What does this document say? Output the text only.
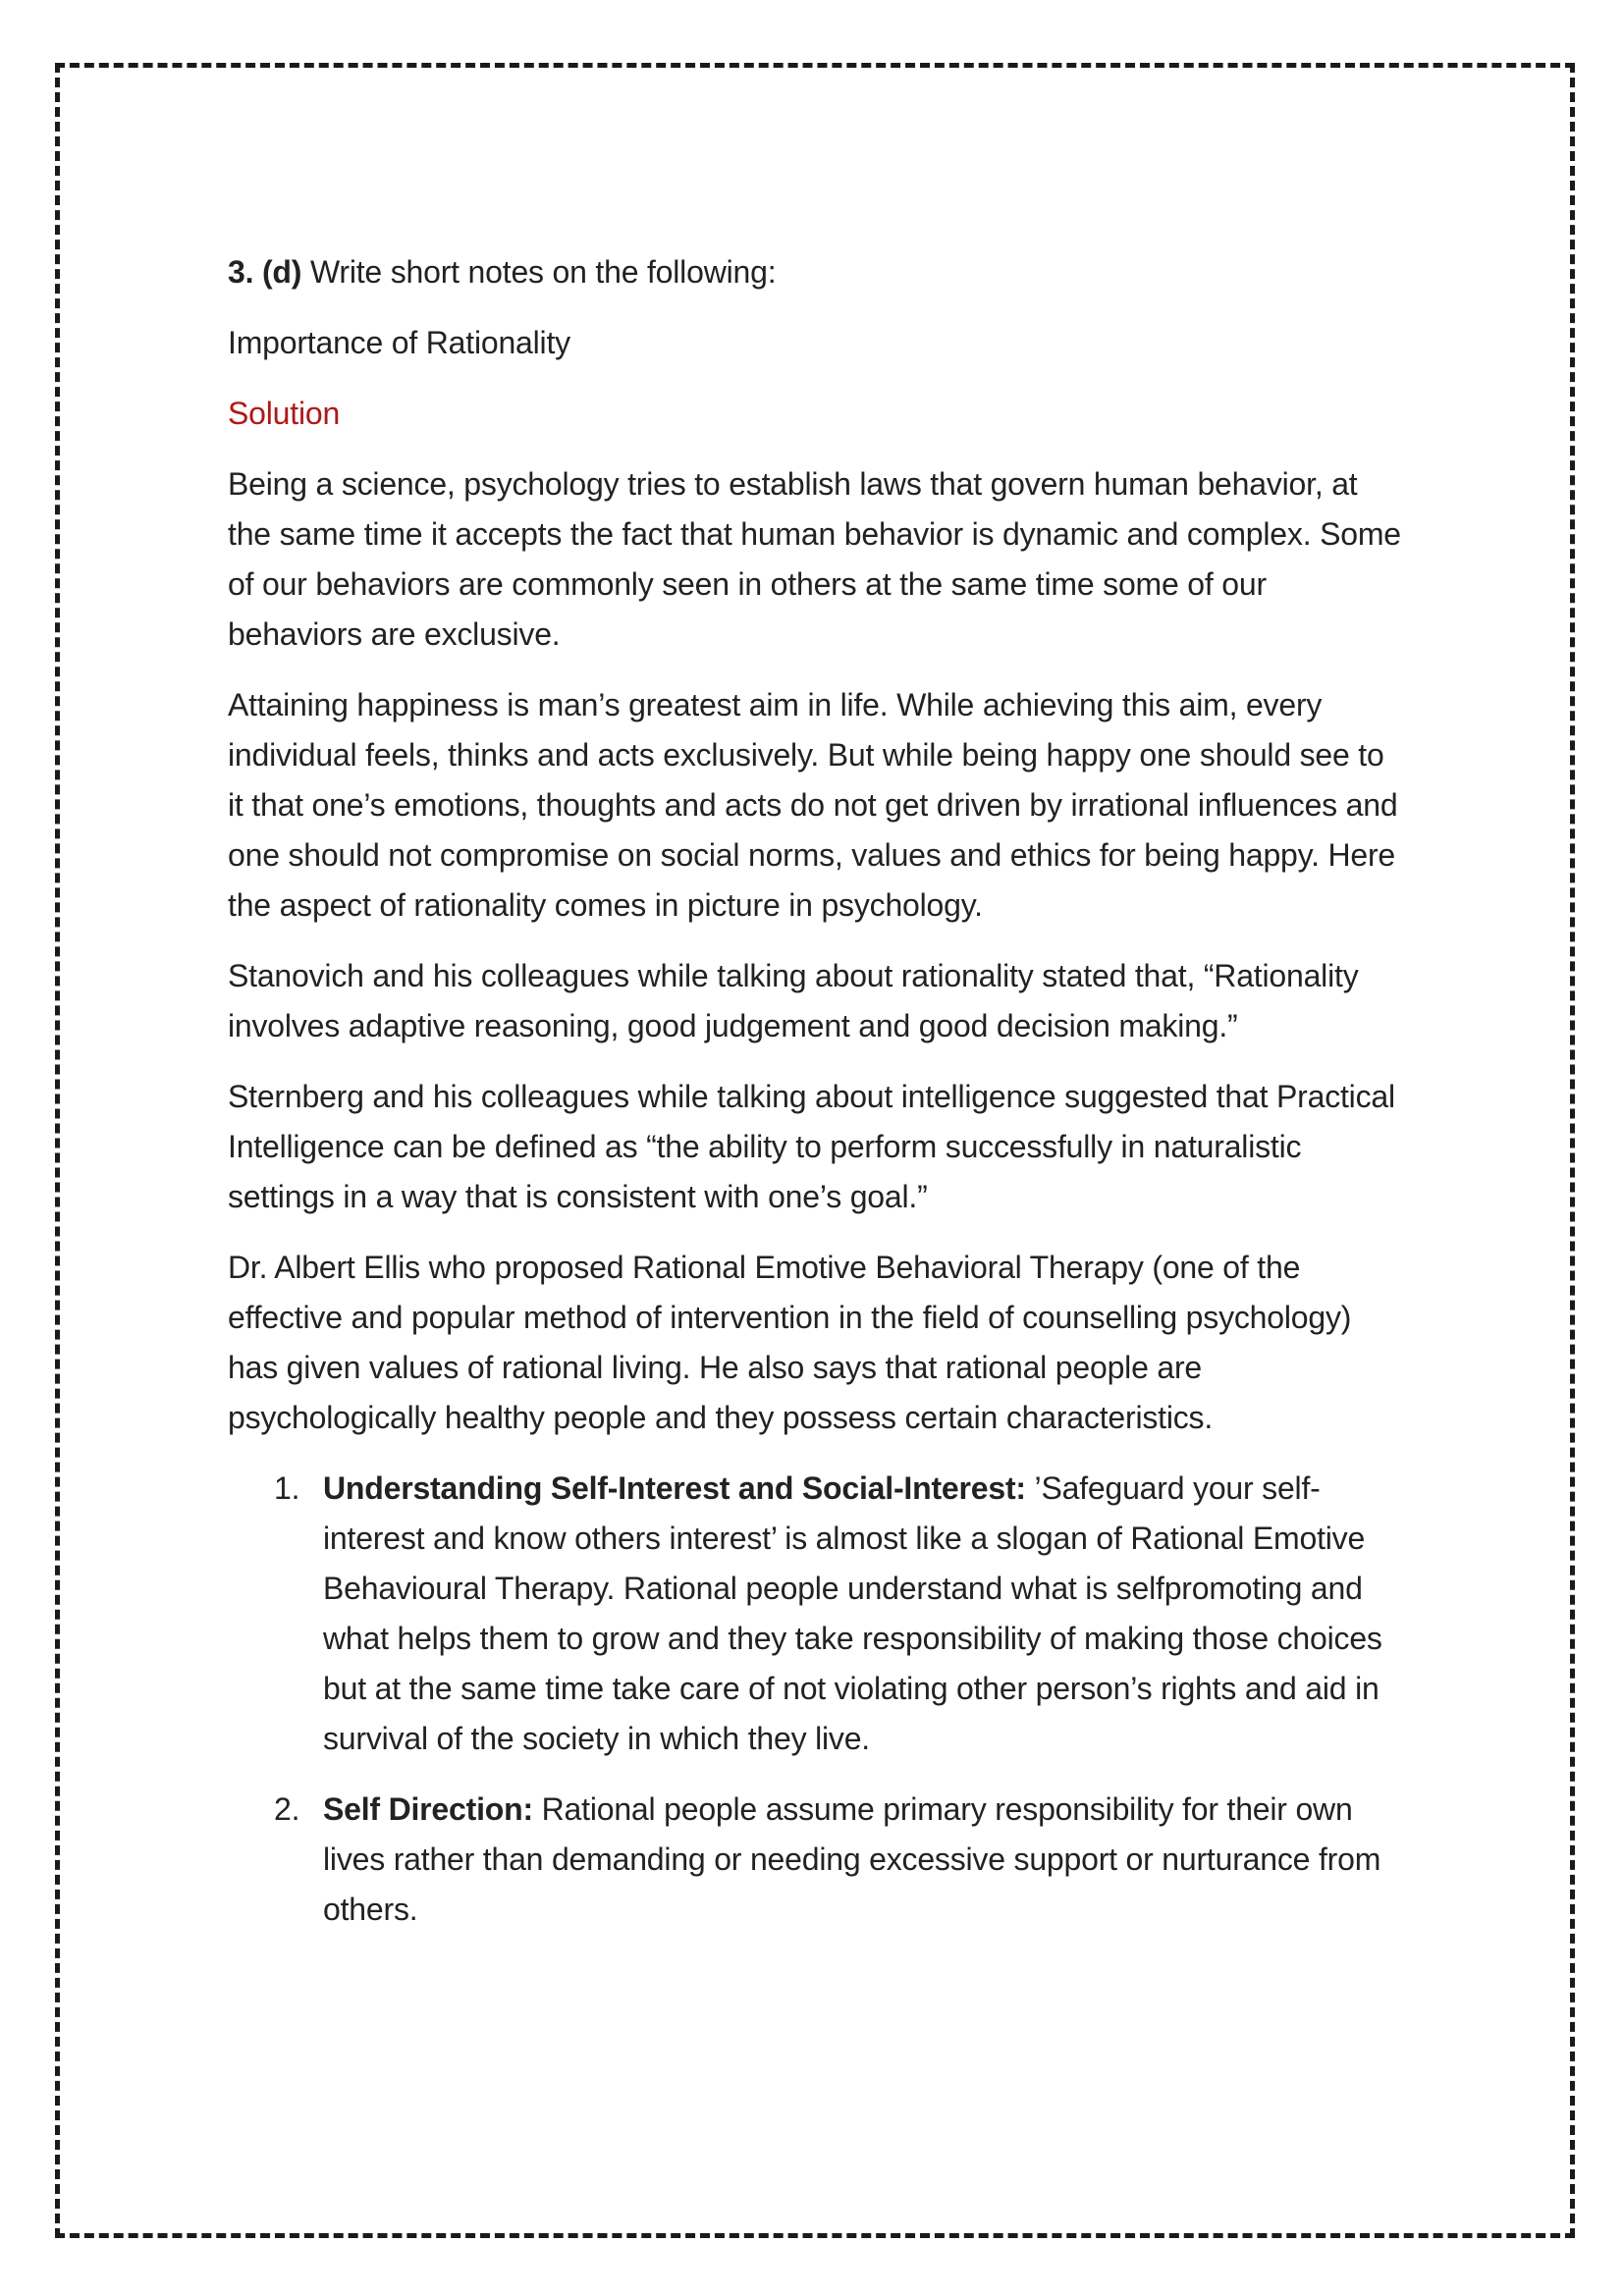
3. (d) Write short notes on the following:

Importance of Rationality

Solution

Being a science, psychology tries to establish laws that govern human behavior, at the same time it accepts the fact that human behavior is dynamic and complex. Some of our behaviors are commonly seen in others at the same time some of our behaviors are exclusive.

Attaining happiness is man’s greatest aim in life. While achieving this aim, every individual feels, thinks and acts exclusively. But while being happy one should see to it that one’s emotions, thoughts and acts do not get driven by irrational influences and one should not compromise on social norms, values and ethics for being happy. Here the aspect of rationality comes in picture in psychology.

Stanovich and his colleagues while talking about rationality stated that, “Rationality involves adaptive reasoning, good judgement and good decision making.”

Sternberg and his colleagues while talking about intelligence suggested that Practical Intelligence can be defined as “the ability to perform successfully in naturalistic settings in a way that is consistent with one’s goal.”

Dr. Albert Ellis who proposed Rational Emotive Behavioral Therapy (one of the effective and popular method of intervention in the field of counselling psychology) has given values of rational living. He also says that rational people are psychologically healthy people and they possess certain characteristics.

1. Understanding Self-Interest and Social-Interest: ’Safeguard your self-interest and know others interest’ is almost like a slogan of Rational Emotive Behavioural Therapy. Rational people understand what is selfpromoting and what helps them to grow and they take responsibility of making those choices but at the same time take care of not violating other person’s rights and aid in survival of the society in which they live.
2. Self Direction: Rational people assume primary responsibility for their own lives rather than demanding or needing excessive support or nurturance from others.
